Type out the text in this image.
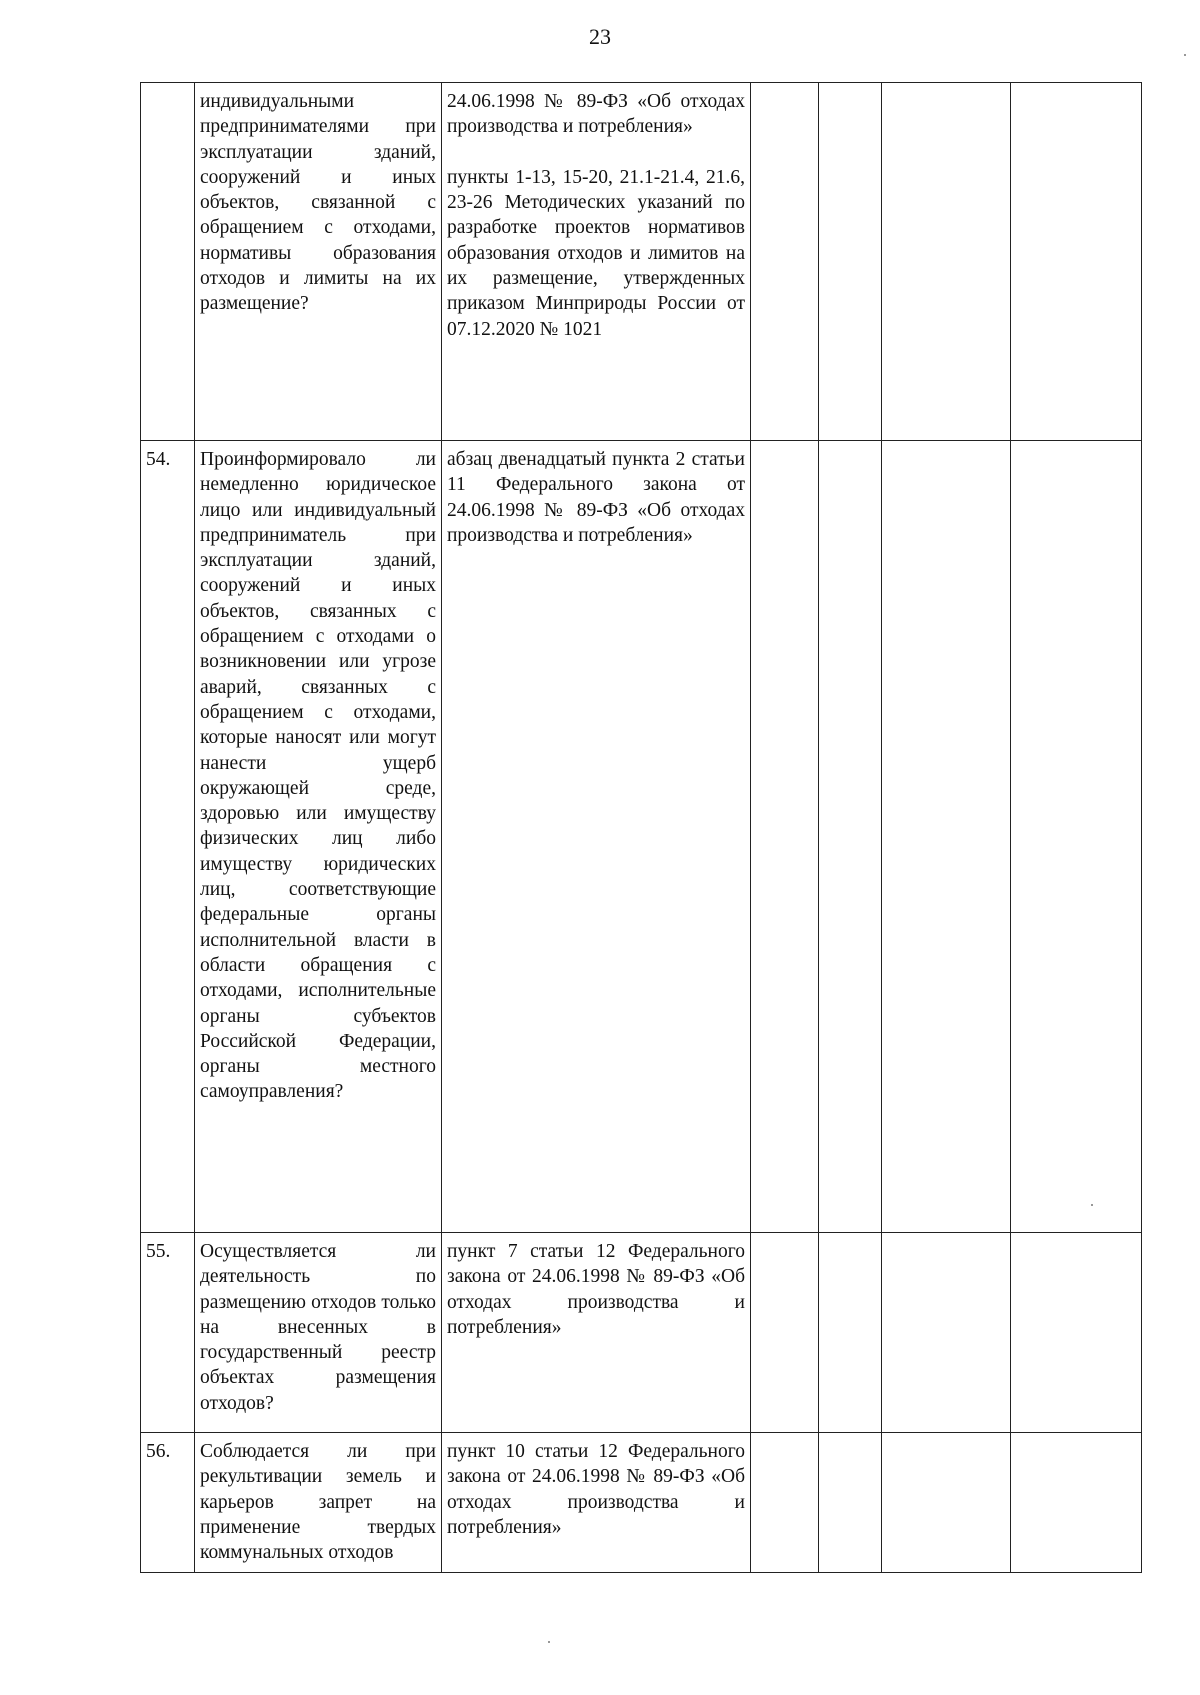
23
	индивидуальными предпринимателями при эксплуатации зданий, сооружений и иных объектов, связанной с обращением с отходами, нормативы образования отходов и лимиты на их размещение?	24.06.1998 № 89-ФЗ «Об отходах производства и потребления»

пункты 1-13, 15-20, 21.1-21.4, 21.6, 23-26 Методических указаний по разработке проектов нормативов образования отходов и лимитов на их размещение, утвержденных приказом Минприроды России от 07.12.2020 № 1021				
54.	Проинформировало ли немедленно юридическое лицо или индивидуальный предприниматель при эксплуатации зданий, сооружений и иных объектов, связанных с обращением с отходами о возникновении или угрозе аварий, связанных с обращением с отходами, которые наносят или могут нанести ущерб окружающей среде, здоровью или имуществу физических лиц либо имуществу юридических лиц, соответствующие федеральные органы исполнительной власти в области обращения с отходами, исполнительные органы субъектов Российской Федерации, органы местного самоуправления?	абзац двенадцатый пункта 2 статьи 11 Федерального закона от 24.06.1998 № 89-ФЗ «Об отходах производства и потребления»				
55.	Осуществляется ли деятельность по размещению отходов только на внесенных в государственный реестр объектах размещения отходов?	пункт 7 статьи 12 Федерального закона от 24.06.1998 № 89-ФЗ «Об отходах производства и потребления»				
56.	Соблюдается ли при рекультивации земель и карьеров запрет на применение твердых коммунальных отходов	пункт 10 статьи 12 Федерального закона от 24.06.1998 № 89-ФЗ «Об отходах производства и потребления»				
